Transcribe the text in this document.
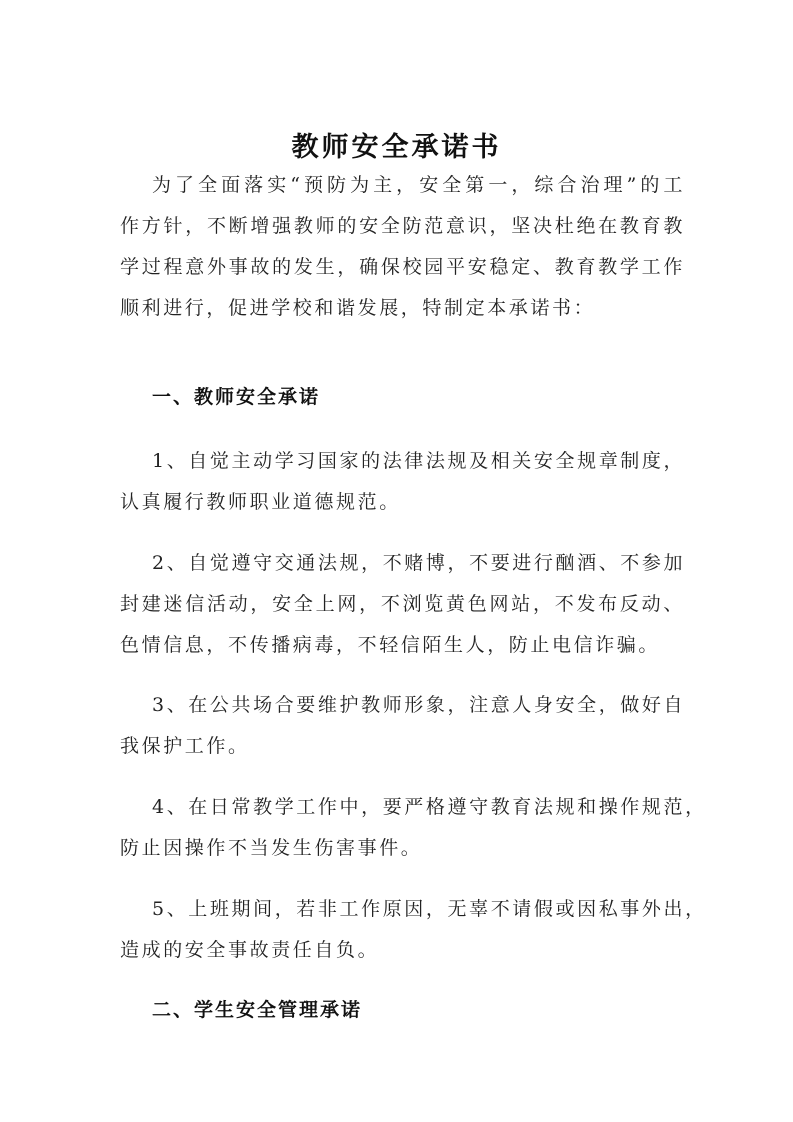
教师安全承诺书
为了全面落实“预防为主，安全第一，综合治理”的工
作方针，不断增强教师的安全防范意识，坚决杜绝在教育教
学过程意外事故的发生，确保校园平安稳定、教育教学工作
顺利进行，促进学校和谐发展，特制定本承诺书：
一、教师安全承诺
1、自觉主动学习国家的法律法规及相关安全规章制度，
认真履行教师职业道德规范。
2、自觉遵守交通法规，不赌博，不要进行酗酒、不参加
封建迷信活动，安全上网，不浏览黄色网站，不发布反动、
色情信息，不传播病毒，不轻信陌生人，防止电信诈骗。
3、在公共场合要维护教师形象，注意人身安全，做好自
我保护工作。
4、在日常教学工作中，要严格遵守教育法规和操作规范，
防止因操作不当发生伤害事件。
5、上班期间，若非工作原因，无辜不请假或因私事外出，
造成的安全事故责任自负。
二、学生安全管理承诺
